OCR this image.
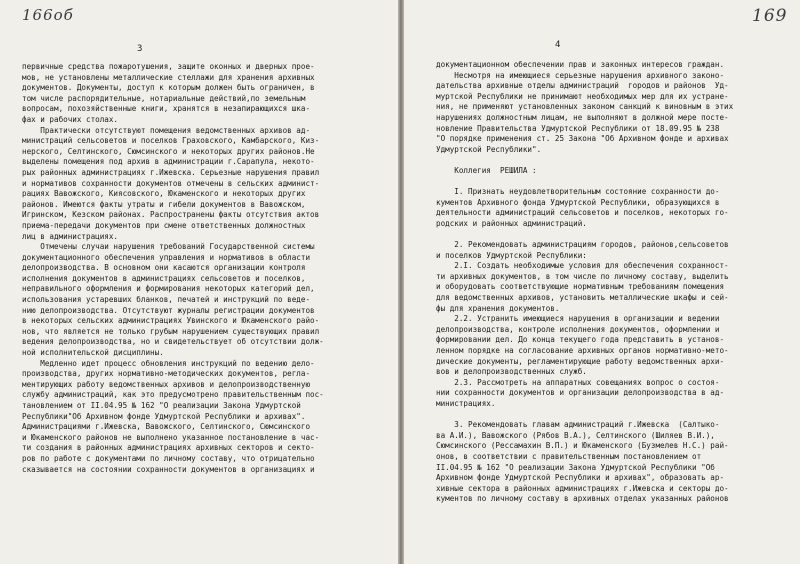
166об
3
первичные средства пожаротушения, защите оконных и дверных прое-
мов, не установлены металлические стеллажи для хранения архивных
документов. Документы, доступ к которым должен быть ограничен, в
том числе распорядительные, нотариальные действий,по земельным
вопросам, похозяйственные книги, хранятся в незапирающихся шка-
фах и рабочих столах.
Практически отсутствуют помещения ведомственных архивов ад-
министраций сельсоветов и поселков Граховского, Камбарского, Киз-
нерского, Селтинского, Сюмсинского и некоторых других районов.Не
выделены помещения под архив в администрации г.Сарапула, некото-
рых районных администрациях г.Ижевска. Серьезные нарушения правил
и нормативов сохранности документов отмечены в сельских админист-
рациях Вавожского, Киясовского, Юкаменского и некоторых других
районов. Имеются факты утраты и гибели документов в Вавожском,
Игринском, Кезском районах. Распространены факты отсутствия актов
приема-передачи документов при смене ответственных должностных
лиц в администрациях.
Отмечены случаи нарушения требований Государственной системы
документационного обеспечения управления и нормативов в области
делопроизводства. В основном они касаются организации контроля
исполнения документов в администрациях сельсоветов и поселков,
неправильного оформления и формирования некоторых категорий дел,
использования устаревших бланков, печатей и инструкций по веде-
нию делопроизводства. Отсутствуют журналы регистрации документов
в некоторых сельских администрациях Увинского и Юкаменского райо-
нов, что является не только грубым нарушением существующих правил
ведения делопроизводства, но и свидетельствует об отсутствии долж-
ной исполнительской дисциплины.
Медленно идет процесс обновления инструкций по ведению дело-
производства, других нормативно-методических документов, регла-
ментирующих работу ведомственных архивов и делопроизводственную
службу администраций, как это предусмотрено правительственным пос-
тановлением от II.04.95 № 162 "О реализации Закона Удмуртской
Республики"Об Архивном фонде Удмуртской Республики и архивах".
Администрациями г.Ижевска, Вавожского, Селтинского, Сюмсинского
и Юкаменского районов не выполнено указанное постановление в час-
ти создания в районных администрациях архивных секторов и секто-
ров по работе с документами по личному составу, что отрицательно
сказывается на состоянии сохранности документов в организациях и
169
4
документационном обеспечении прав и законных интересов граждан.
Несмотря на имеющиеся серьезные нарушения архивного законо-
дательства архивные отделы администраций  городов и районов  Уд-
муртской Республики не принимают необходимых мер для их устране-
ния, не применяют установленных законом санкций к виновным в этих
нарушениях должностным лицам, не выполняют в должной мере посте-
новление Правительства Удмуртской Республики от 18.09.95 № 238
"О порядке применения ст. 25 Закона "Об Архивном фонде и архивах
Удмуртской Республики".
Коллегия  РЕШИЛА :
I. Признать неудовлетворительным состояние сохранности до-
кументов Архивного фонда Удмуртской Республики, образующихся в
деятельности администраций сельсоветов и поселков, некоторых го-
родских и районных администраций.
2. Рекомендовать администрациям городов, районов,сельсоветов
и поселков Удмуртской Республики:
2.I. Создать необходимые условия для обеспечения сохранност-
ти архивных документов, в том числе по личному составу, выделить
и оборудовать соответствующие нормативным требованиям помещения
для ведомственных архивов, установить металлические шкафы и сей-
фы для хранения документов.
2.2. Устранить имеющиеся нарушения в организации и ведении
делопроизводства, контроле исполнения документов, оформлении и
формировании дел. До конца текущего года представить в установ-
ленном порядке на согласование архивных органов нормативно-мето-
дические документы, регламентирующие работу ведомственных архи-
вов и делопроизводственных служб.
2.3. Рассмотреть на аппаратных совещаниях вопрос о состоя-
нии сохранности документов и организации делопроизводства в ад-
министрациях.
3. Рекомендовать главам администраций г.Ижевска  (Салтыко-
ва А.И.), Вавожского (Рябов В.А.), Селтинского (Шиляев В.И.),
Сюмсинского (Рессамахин В.П.) и Юкаменского (Бузмелев Н.С.) рай-
онов, в соответствии с правительственным постановлением от
II.04.95 № 162 "О реализации Закона Удмуртской Республики "Об
Архивном фонде Удмуртской Республики и архивах", образовать ар-
хивные сектора в районных администрациях г.Ижевска и секторы до-
кументов по личному составу в архивных отделах указанных районов
